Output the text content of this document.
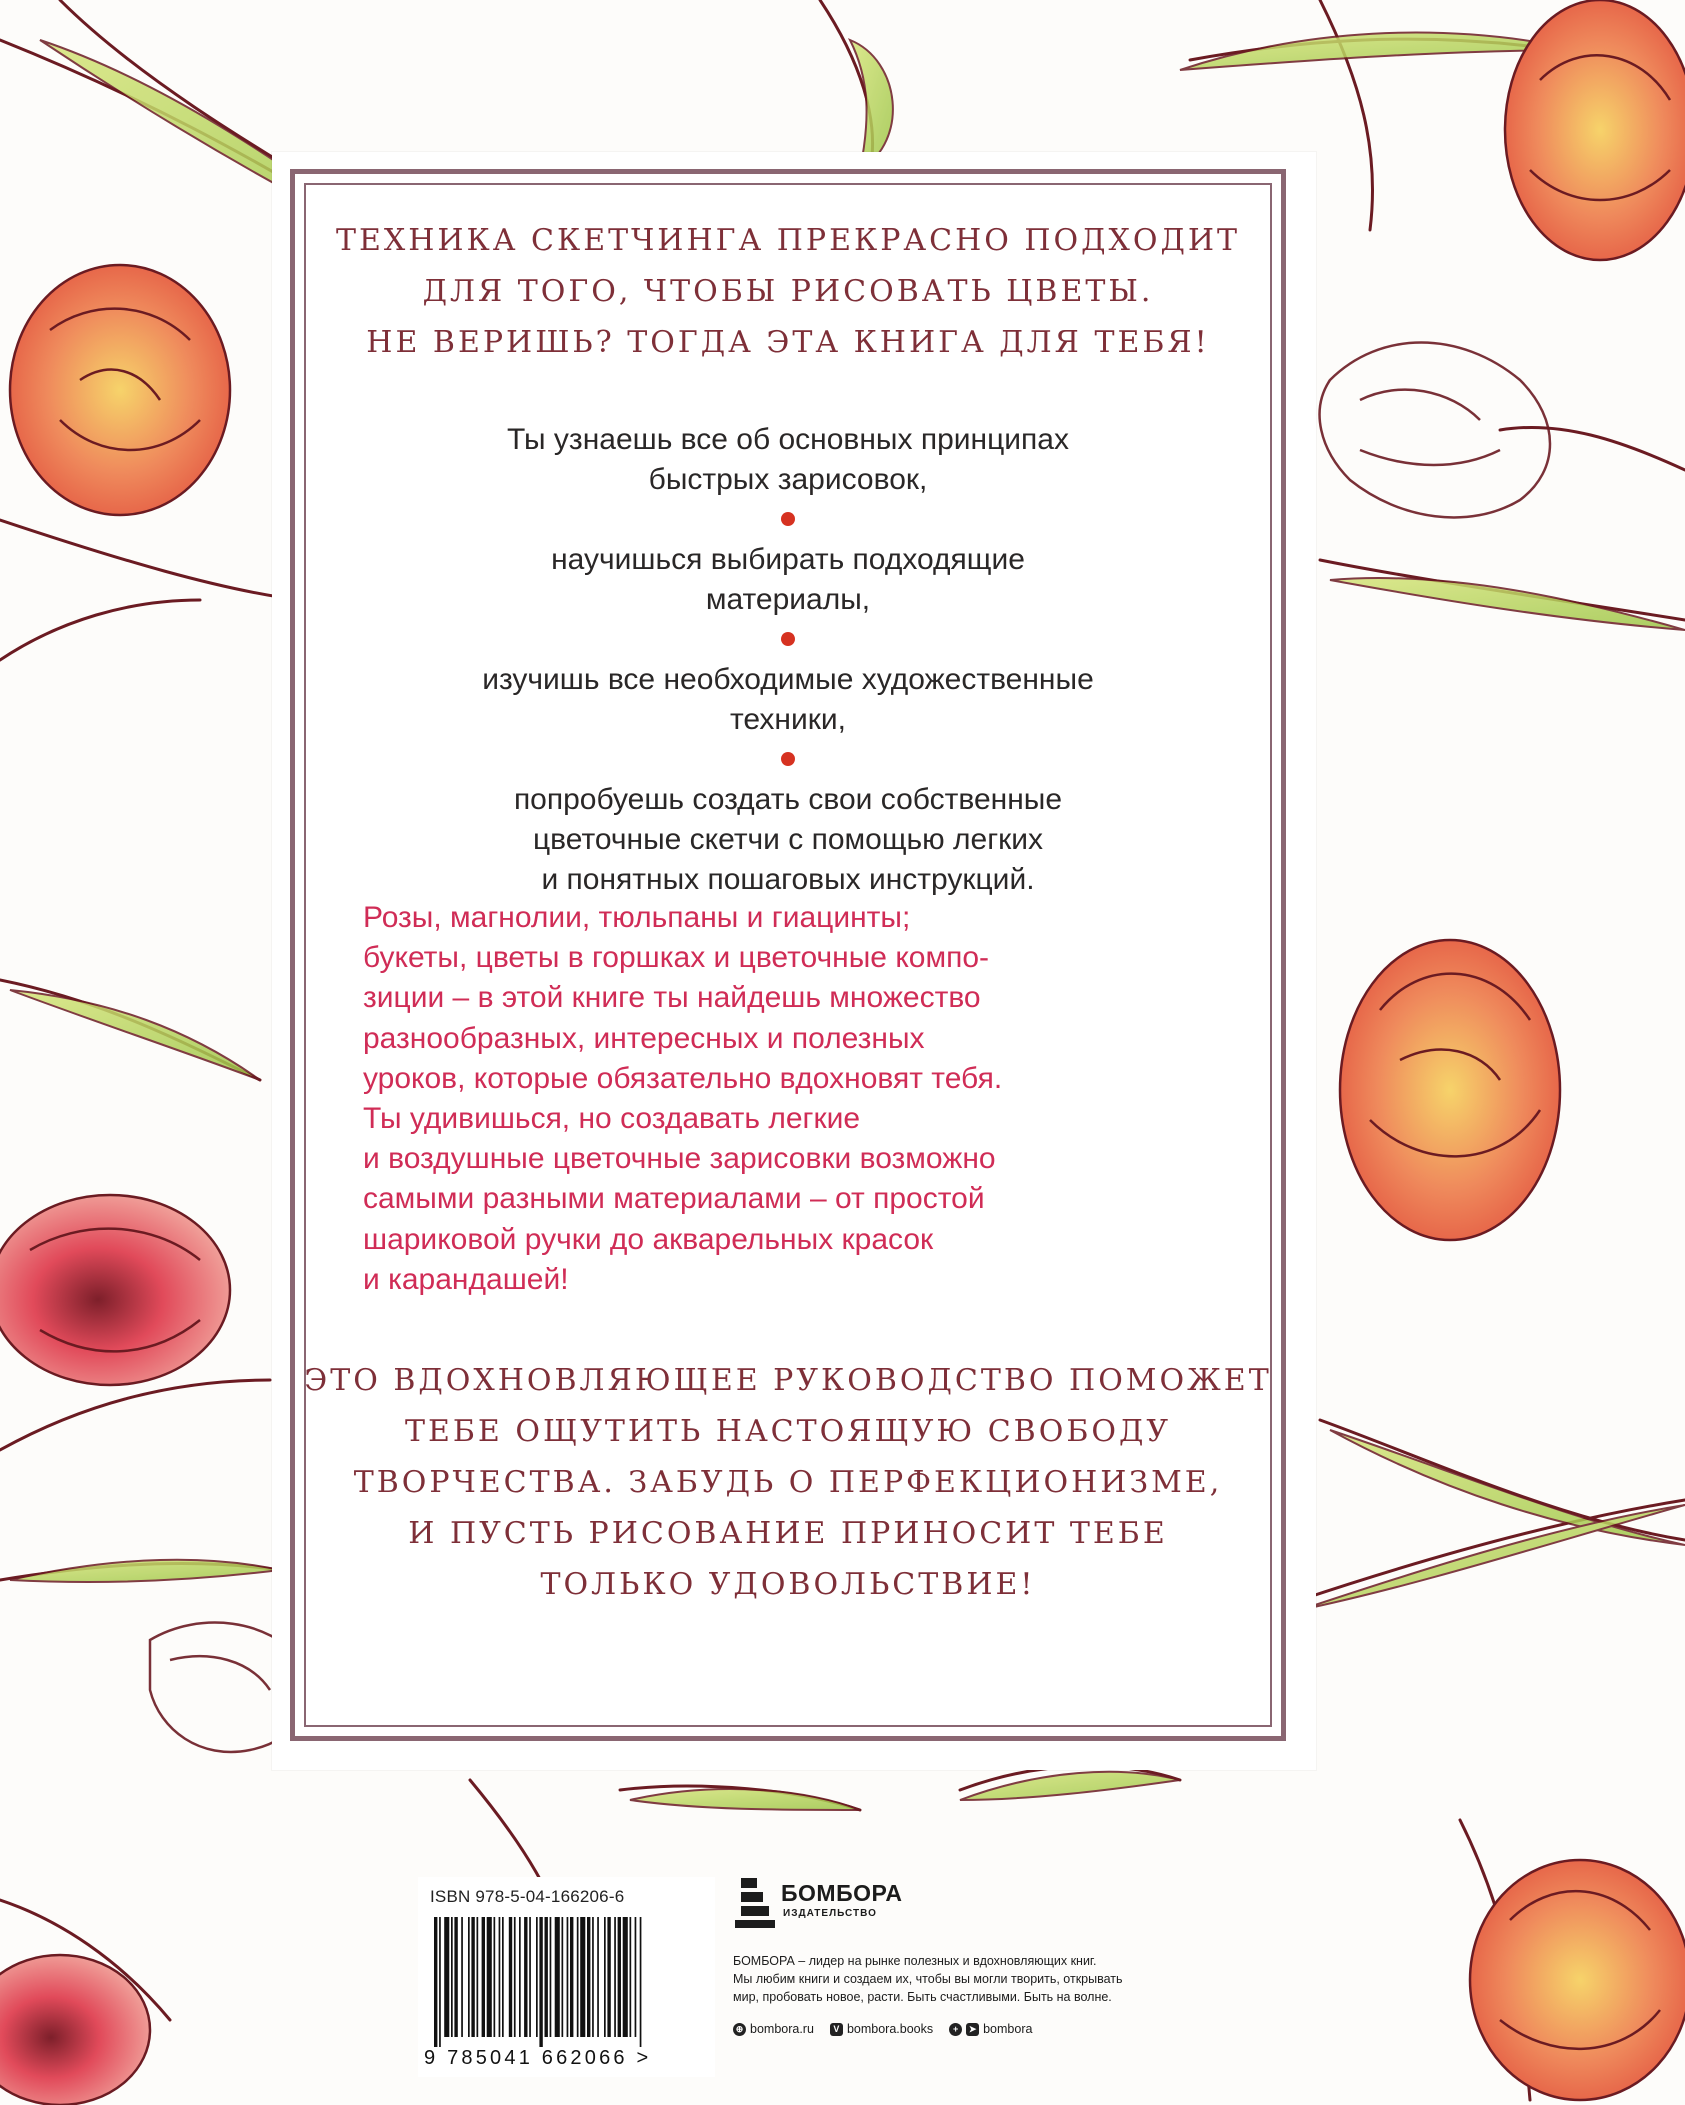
ТЕХНИКА СКЕТЧИНГА ПРЕКРАСНО ПОДХОДИТ
ДЛЯ ТОГО, ЧТОБЫ РИСОВАТЬ ЦВЕТЫ.
НЕ ВЕРИШЬ? ТОГДА ЭТА КНИГА ДЛЯ ТЕБЯ!
Ты узнаешь все об основных принципах
быстрых зарисовок,
научишься выбирать подходящие
материалы,
изучишь все необходимые художественные
техники,
попробуешь создать свои собственные
цветочные скетчи с помощью легких
и понятных пошаговых инструкций.

Розы, магнолии, тюльпаны и гиацинты;
букеты, цветы в горшках и цветочные компо-
зиции – в этой книге ты найдешь множество
разнообразных, интересных и полезных
уроков, которые обязательно вдохновят тебя.
Ты удивишься, но создавать легкие
и воздушные цветочные зарисовки возможно
самыми разными материалами – от простой
шариковой ручки до акварельных красок
и карандашей!

ЭТО ВДОХНОВЛЯЮЩЕЕ РУКОВОДСТВО ПОМОЖЕТ
ТЕБЕ ОЩУТИТЬ НАСТОЯЩУЮ СВОБОДУ
ТВОРЧЕСТВА. ЗАБУДЬ О ПЕРФЕКЦИОНИЗМЕ,
И ПУСТЬ РИСОВАНИЕ ПРИНОСИТ ТЕБЕ
ТОЛЬКО УДОВОЛЬСТВИЕ!
ISBN 978-5-04-166206-6
9 785041 662066 >
БОМБОРА
ИЗДАТЕЛЬСТВО

БОМБОРА – лидер на рынке полезных и вдохновляющих книг.
Мы любим книги и создаем их, чтобы вы могли творить, открывать
мир, пробовать новое, расти. Быть счастливыми. Быть на волне.

⊕ bombora.ru	V bombora.books	+	➤ bombora
